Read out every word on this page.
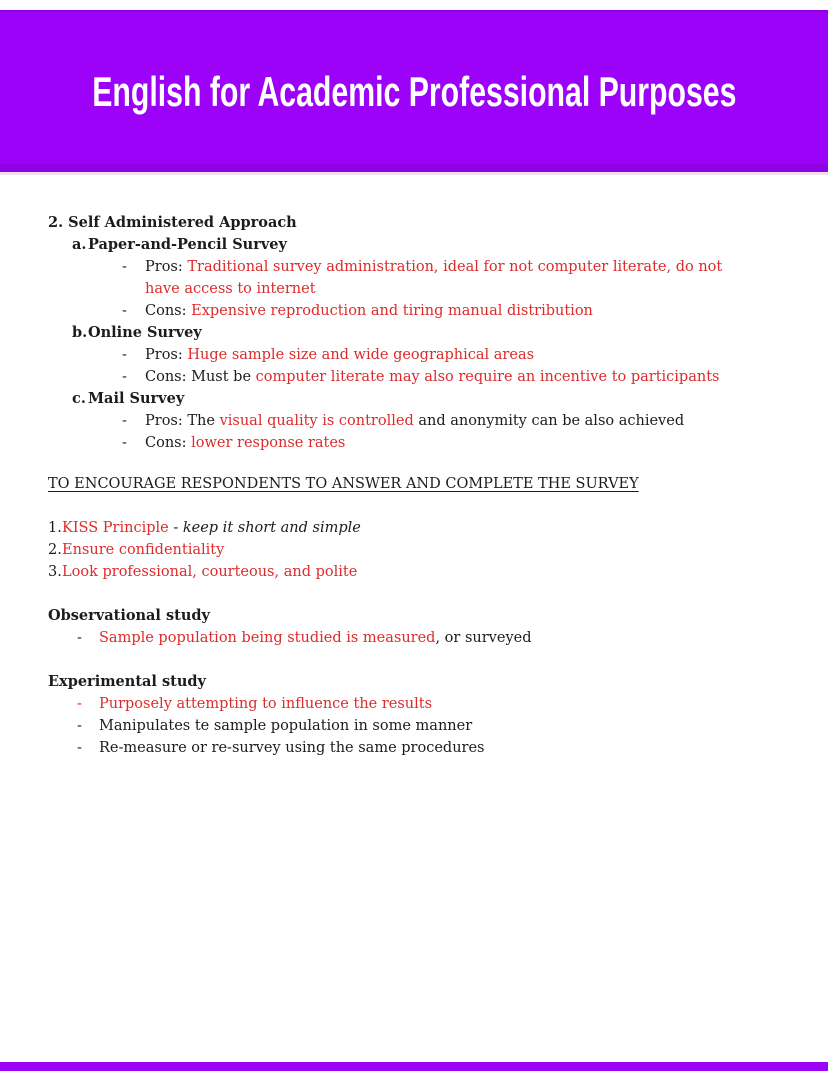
English for Academic Professional Purposes
2. Self Administered Approach
a. Paper-and-Pencil Survey
- Pros: Traditional survey administration, ideal for not computer literate, do not
have access to internet
- Cons: Expensive reproduction and tiring manual distribution
b. Online Survey
- Pros: Huge sample size and wide geographical areas
- Cons: Must be computer literate may also require an incentive to participants
c. Mail Survey
- Pros: The visual quality is controlled and anonymity can be also achieved
- Cons: lower response rates
TO ENCOURAGE RESPONDENTS TO ANSWER AND COMPLETE THE SURVEY
1. KISS Principle - keep it short and simple
2. Ensure confidentiality
3. Look professional, courteous, and polite
Observational study
- Sample population being studied is measured, or surveyed
Experimental study
- Purposely attempting to influence the results
- Manipulates te sample population in some manner
- Re-measure or re-survey using the same procedures
